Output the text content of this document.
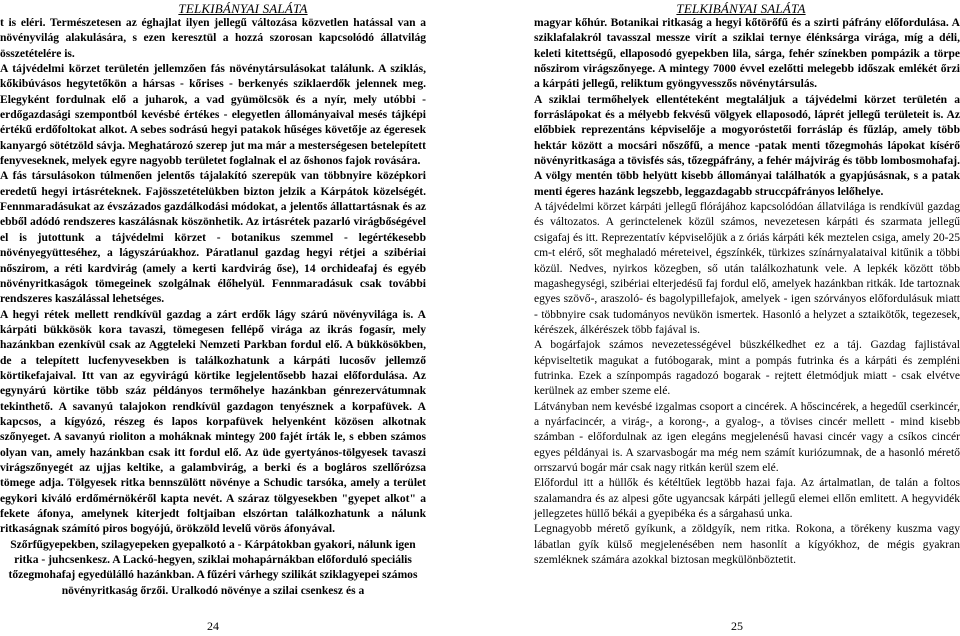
TELKIBÁNYAI SALÁTA

t is eléri. Természetesen az éghajlat ilyen jellegű változása közvetlen hatással van a növényvilág alakulására, s ezen keresztül a hozzá szorosan kapcsolódó állatvilág összetételére is.

A tájvédelmi körzet területén jellemzően fás növénytársulásokat találunk. A sziklás, kőkibúvásos hegytetőkön a hársas - kőrises - berkenyés sziklaerdők jelennek meg. Elegyként fordulnak elő a juharok, a vad gyümölcsök és a nyír, mely utóbbi - erdőgazdasági szempontból kevésbé értékes - elegyetlen állományaival mesés tájképi értékű erdőfoltokat alkot. A sebes sodrású hegyi patakok hűséges követője az égeresek kanyargó sötétzöld sávja. Meghatározó szerep jut ma már a mesterségesen betelepített fenyveseknek, melyek egyre nagyobb területet foglalnak el az őshonos fajok rovására.

A fás társulásokon túlmenően jelentős tájalakító szerepük van többnyire középkori eredetű hegyi irtásréteknek. Fajösszetételükben bizton jelzik a Kárpátok közelségét. Fennmaradásukat az évszázados gazdálkodási módokat, a jelentős állattartásnak és az ebből adódó rendszeres kaszálásnak köszönhetik. Az irtásrétek pazarló virágbőségével el is jutottunk a tájvédelmi körzet - botanikus szemmel - legértékesebb növényegyütteséhez, a lágyszárúakhoz. Páratlanul gazdag hegyi rétjei a szibériai nőszirom, a réti kardvirág (amely a kerti kardvirág őse), 14 orchideafaj és egyéb növényritkaságok tömegeinek szolgálnak élőhelyül. Fennmaradásuk csak további rendszeres kaszálással lehetséges.

A hegyi rétek mellett rendkívül gazdag a zárt erdők lágy szárú növényvilága is. A kárpáti bükkösök kora tavaszi, tömegesen fellépő virága az ikrás fogasír, mely hazánkban ezenkívül csak az Aggteleki Nemzeti Parkban fordul elő. A bükkösökben, de a telepített lucfenyvesekben is találkozhatunk a kárpáti lucosőv jellemző körtikefajaival. Itt van az egyvirágú körtike legjelentősebb hazai előfordulása. Az egynyárú körtike több száz példányos termőhelye hazánkban génrezervátumnak tekinthető. A savanyú talajokon rendkívül gazdagon tenyésznek a korpafüvek. A kapcsos, a kígyózó, részeg és lapos korpafüvek helyenként közösen alkotnak szőnyeget. A savanyú rioliton a moháknak mintegy 200 fajét írták le, s ebben számos olyan van, amely hazánkban csak itt fordul elő. Az üde gyertyános-tölgyesek tavaszi virágszőnyegét az ujjas keltike, a galambvirág, a berki és a bogláros szellőrózsa tömege adja. Tölgyesek ritka bennszülött növénye a Schudic tarsóka, amely a terület egykori kiváló erdőmérnökéről kapta nevét. A száraz tölgyesekben "gyepet alkot" a fekete áfonya, amelynek kiterjedt foltjaiban elszórtan találkozhatunk a nálunk ritkaságnak számító piros bogyójú, örökzöld levelű vörös áfonyával.

Szőrfűgyepekben, szilagyepeken gyepalkotó a - Kárpátokban gyakori, nálunk igen ritka - juhcsenkesz. A Lackó-hegyen, sziklai mohapárnákban előforduló speciális tőzegmohafaj egyedülálló hazánkban. A fűzéri várhegy szilikát sziklagyepei számos növényritkaság őrzői. Uralkodó növénye a szilai csenkesz és a

24
TELKIBÁNYAI SALÁTA

magyar kőhúr. Botanikai ritkaság a hegyi kőtörőfű és a szirti páfrány előfordulása. A sziklafalakról tavasszal messze virít a sziklai ternye élénksárga virága, míg a déli, keleti kitettségű, ellaposodó gyepekben lila, sárga, fehér színekben pompázik a törpe nőszirom virágszőnyege. A mintegy 7000 évvel ezelőtti melegebb időszak emlékét őrzi a kárpáti jellegű, reliktum gyöngyvesszős növénytársulás.

A sziklai termőhelyek ellentéteként megtaláljuk a tájvédelmi körzet területén a forráslápokat és a mélyebb fekvésű völgyek ellaposodó, láprét jellegű területeit is. Az előbbiek reprezentáns képviselője a mogyoróstetői forrásláp és fűzláp, amely több hektár között a mocsári nőszőfű, a mence -patak menti tőzegmohás lápokat kísérő növényritkasága a tövisfés sás, tőzegpáfrány, a fehér májvirág és több lombosmohafaj. A völgy mentén több helyütt kisebb állományai találhatók a gyapjúsásnak, s a patak menti égeres hazánk legszebb, leggazdagabb struccpáfrányos lelőhelye.

A tájvédelmi körzet kárpáti jellegű flórájához kapcsolódóan állatvilága is rendkívül gazdag és változatos. A gerinctelenek közül számos, nevezetesen kárpáti és szarmata jellegű csigafaj és itt. Reprezentatív képviselőjük a z óriás kárpáti kék meztelen csiga, amely 20-25 cm-t elérő, sőt meghaladó méreteivel, égszínkék, türkizes színárnyalataival kitűnik a többi közül. Nedves, nyirkos közegben, ső után találkozhatunk vele. A lepkék között több magashegységi, szibériai elterjedésű faj fordul elő, amelyek hazánkban ritkák. Ide tartoznak egyes szövő-, araszoló- és bagolypillefajok, amelyek - igen szórványos előfordulásuk miatt - többnyire csak tudományos nevükön ismertek. Hasonló a helyzet a sztaikötők, tegezesek, kérészek, álkérészek több fajával is.

A bogárfajok számos nevezetességével büszkélkedhet ez a táj. Gazdag fajlistával képviseltetik magukat a futóbogarak, mint a pompás futrinka és a kárpáti és zempléni futrinka. Ezek a színpompás ragadozó bogarak - rejtett életmódjuk miatt - csak elvétve kerülnek az ember szeme elé.

Látványban nem kevésbé izgalmas csoport a cincérek. A hőscincérek, a hegedűl cserkincér, a nyárfacincér, a virág-, a korong-, a gyalog-, a tövises cincér mellett - mind kisebb számban - előfordulnak az igen elegáns megjelenésű havasi cincér vagy a csíkos cincér egyes példányai is. A szarvasbogár ma még nem számít kuriózumnak, de a hasonló mérető orrszarvú bogár már csak nagy ritkán kerül szem elé.

Előfordul itt a hüllők és kétéltűek legtöbb hazai faja. Az ártalmatlan, de talán a foltos szalamandra és az alpesi gőte ugyancsak kárpáti jellegű elemei ellőn emlitett. A hegyvidék jellegzetes hüllő békái a gyepibéka és a sárgahasú unka.

Legnagyobb mérető gyíkunk, a zöldgyík, nem ritka. Rokona, a törékeny kuszma vagy lábatlan gyík külső megjelenésében nem hasonlít a kígyókhoz, de mégis gyakran szemléknek számára azokkal biztosan megkülönböztetit.

25
